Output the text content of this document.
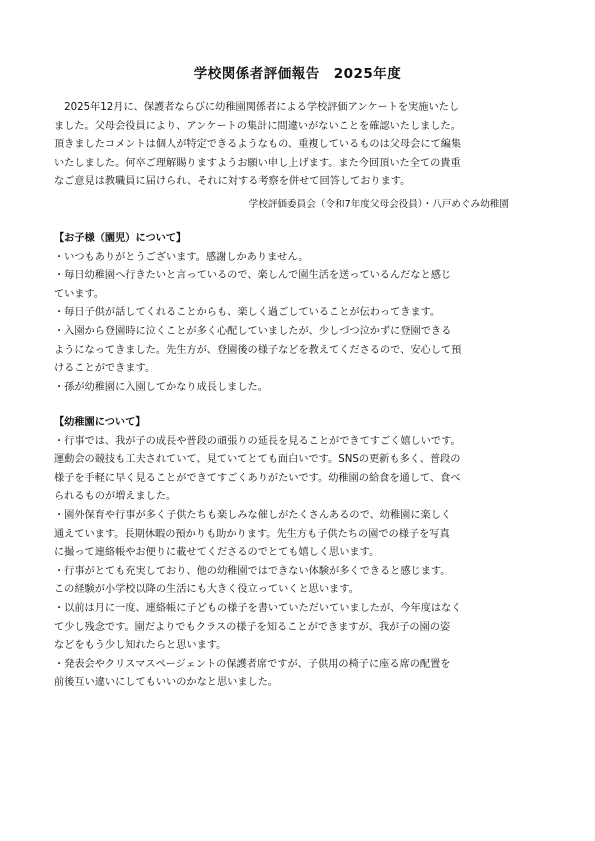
学校関係者評価報告　2025年度
　2025年12月に、保護者ならびに幼稚園関係者による学校評価アンケートを実施いたし
ました。父母会役員により、アンケートの集計に間違いがないことを確認いたしました。
頂きましたコメントは個人が特定できるようなもの、重複しているものは父母会にて編集
いたしました。何卒ご理解賜りますようお願い申し上げます。また今回頂いた全ての貴重
なご意見は教職員に届けられ、それに対する考察を併せて回答しております。
学校評価委員会（令和7年度父母会役員）・八戸めぐみ幼稚園
【お子様（園児）について】
・いつもありがとうございます。感謝しかありません。
・毎日幼稚園へ行きたいと言っているので、楽しんで園生活を送っているんだなと感じ
ています。
・毎日子供が話してくれることからも、楽しく過ごしていることが伝わってきます。
・入園から登園時に泣くことが多く心配していましたが、少しづつ泣かずに登園できる
ようになってきました。先生方が、登園後の様子などを教えてくださるので、安心して預
けることができます。
・孫が幼稚園に入園してかなり成長しました。
【幼稚園について】
・行事では、我が子の成長や普段の頑張りの延長を見ることができてすごく嬉しいです。
運動会の競技も工夫されていて、見ていてとても面白いです。SNSの更新も多く、普段の
様子を手軽に早く見ることができてすごくありがたいです。幼稚園の給食を通して、食べ
られるものが増えました。
・園外保育や行事が多く子供たちも楽しみな催しがたくさんあるので、幼稚園に楽しく
通えています。長期休暇の預かりも助かります。先生方も子供たちの園での様子を写真
に撮って連絡帳やお便りに載せてくださるのでとても嬉しく思います。
・行事がとても充実しており、他の幼稚園ではできない体験が多くできると感じます。
この経験が小学校以降の生活にも大きく役立っていくと思います。
・以前は月に一度、連絡帳に子どもの様子を書いていただいていましたが、今年度はなく
て少し残念です。園だよりでもクラスの様子を知ることができますが、我が子の園の姿
などをもう少し知れたらと思います。
・発表会やクリスマスページェントの保護者席ですが、子供用の椅子に座る席の配置を
前後互い違いにしてもいいのかなと思いました。
